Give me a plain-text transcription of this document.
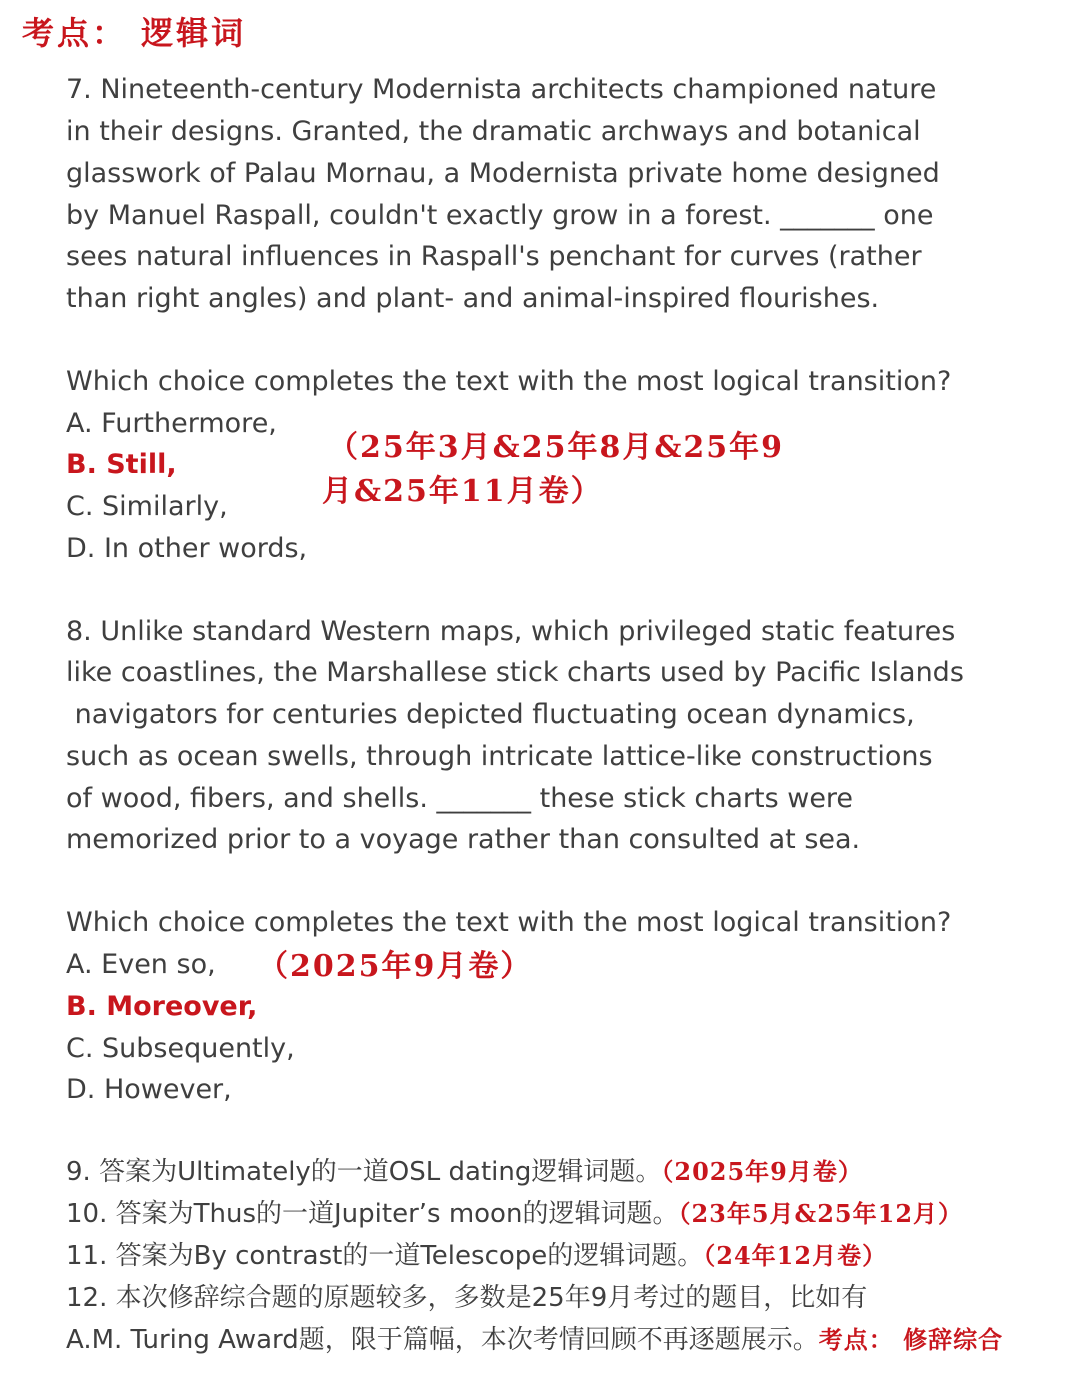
考点： 逻辑词
7. Nineteenth-century Modernista architects championed nature
in their designs. Granted, the dramatic archways and botanical
glasswork of Palau Mornau, a Modernista private home designed
by Manuel Raspall, couldn't exactly grow in a forest. _______ one
sees natural influences in Raspall's penchant for curves (rather
than right angles) and plant- and animal-inspired flourishes.
Which choice completes the text with the most logical transition?
A. Furthermore,
B. Still,
C. Similarly,
D. In other words,
（25年3月&25年8月&25年9
月&25年11月卷）
8. Unlike standard Western maps, which privileged static features
like coastlines, the Marshallese stick charts used by Pacific Islands
navigators for centuries depicted fluctuating ocean dynamics,
such as ocean swells, through intricate lattice-like constructions
of wood, fibers, and shells. _______ these stick charts were
memorized prior to a voyage rather than consulted at sea.
Which choice completes the text with the most logical transition?
A. Even so,
B. Moreover,
C. Subsequently,
D. However,
（2025年9月卷）
9. 答案为Ultimately的一道OSL dating逻辑词题。（2025年9月卷）
10. 答案为Thus的一道Jupiter’s moon的逻辑词题。（23年5月&25年12月）
11. 答案为By contrast的一道Telescope的逻辑词题。（24年12月卷）
12. 本次修辞综合题的原题较多，多数是25年9月考过的题目，比如有
A.M. Turing Award题，限于篇幅，本次考情回顾不再逐题展示。考点： 修辞综合
